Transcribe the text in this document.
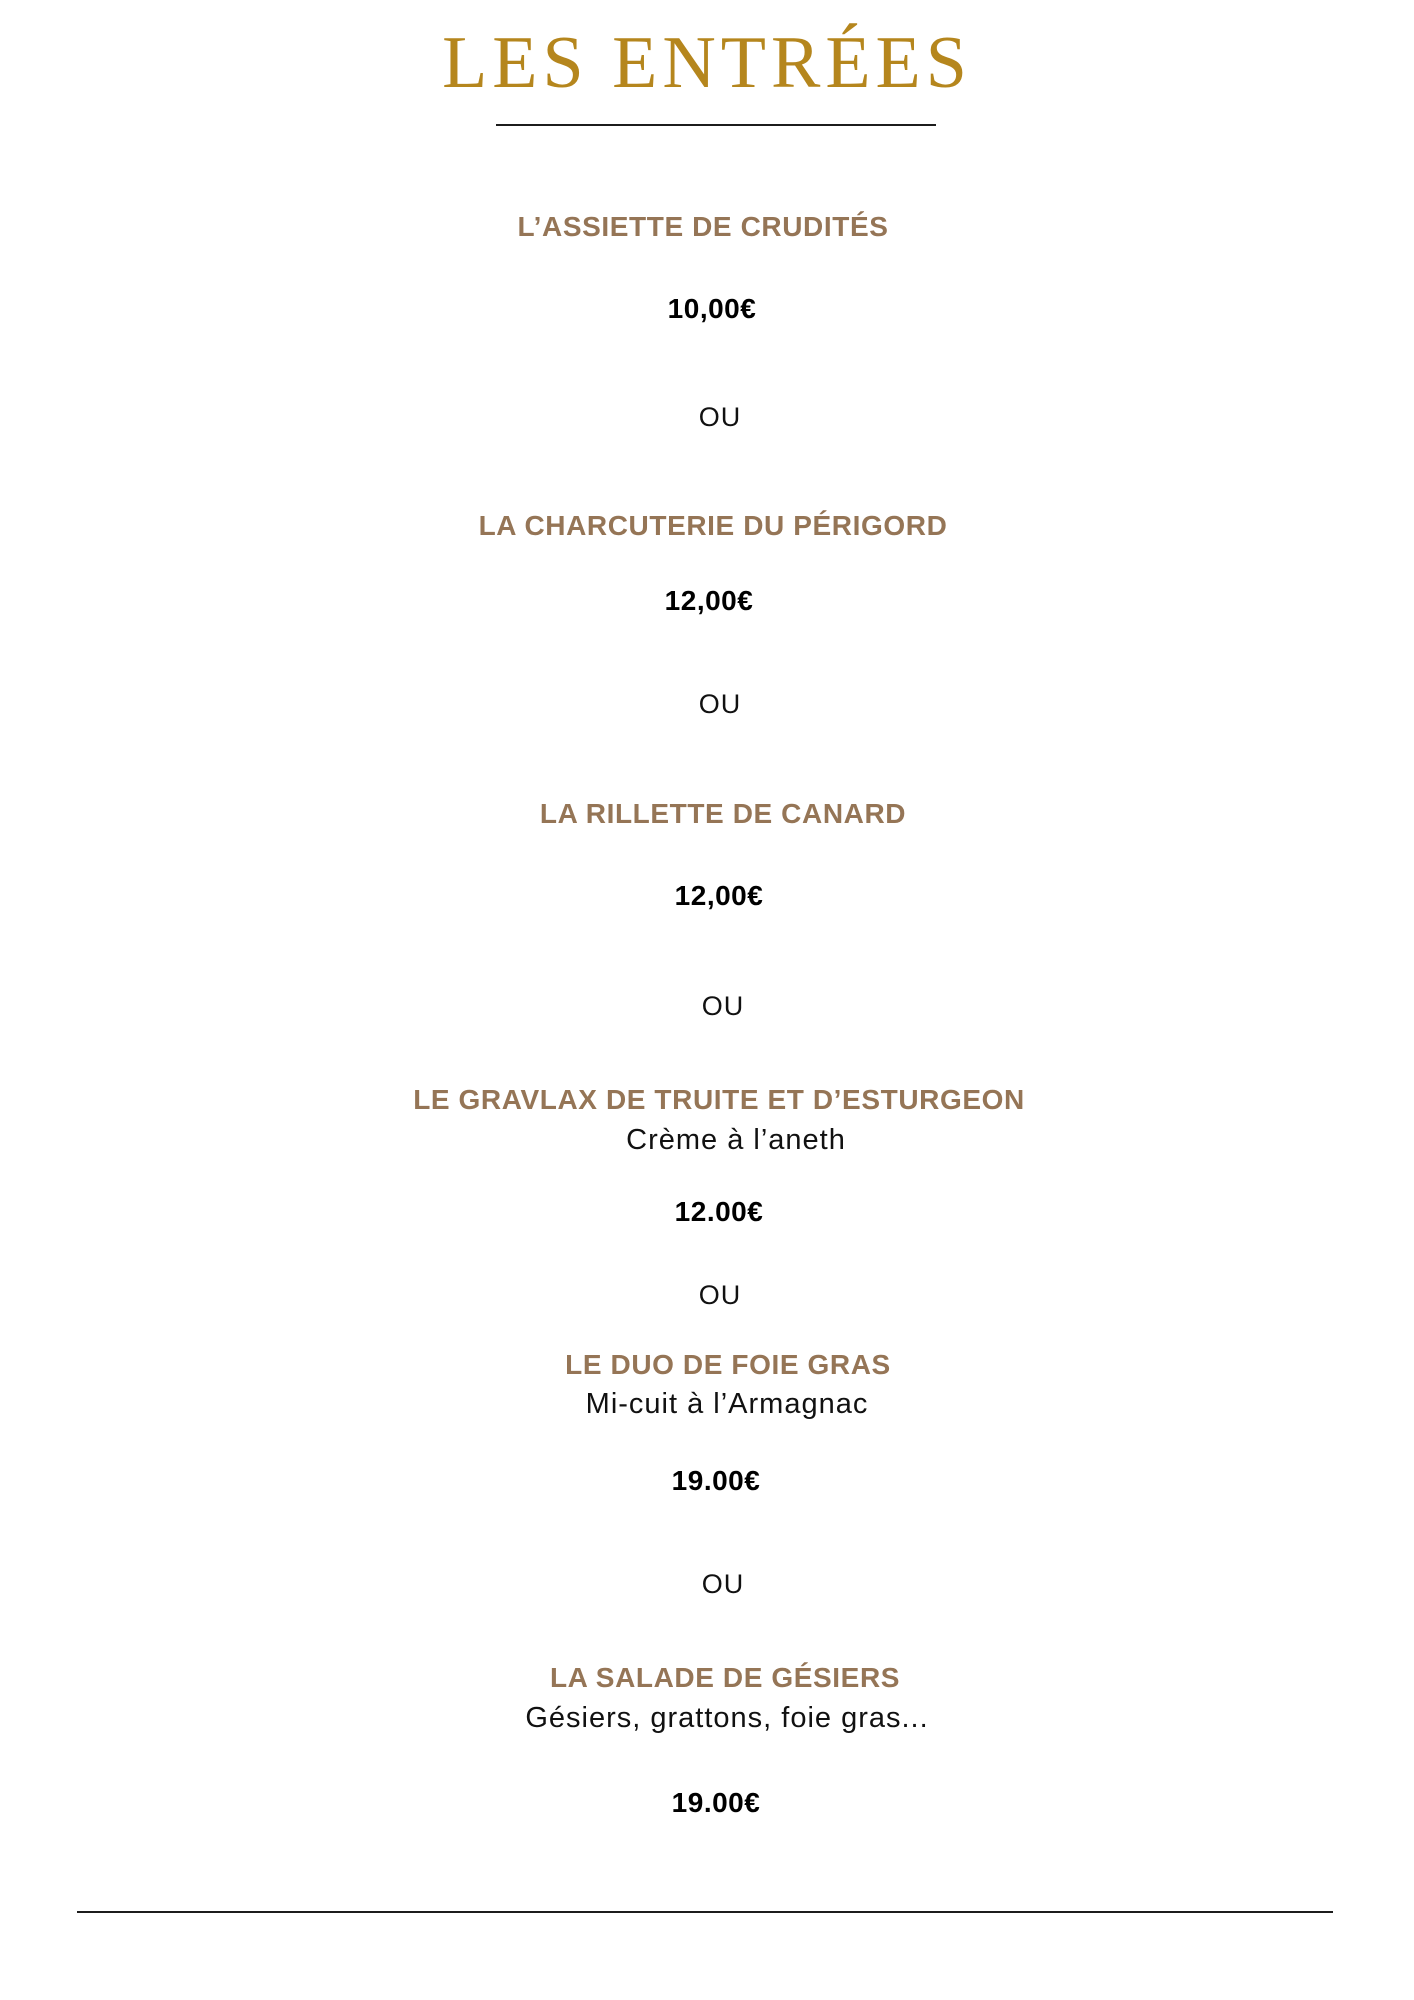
LES ENTRÉES
L’ASSIETTE DE CRUDITÉS
10,00€
OU
LA CHARCUTERIE DU PÉRIGORD
12,00€
OU
LA RILLETTE DE CANARD
12,00€
OU
LE GRAVLAX DE TRUITE ET D’ESTURGEON
Crème à l’aneth
12.00€
OU
LE DUO DE FOIE GRAS
Mi-cuit à l’Armagnac
19.00€
OU
LA SALADE DE GÉSIERS
Gésiers, grattons, foie gras...
19.00€
